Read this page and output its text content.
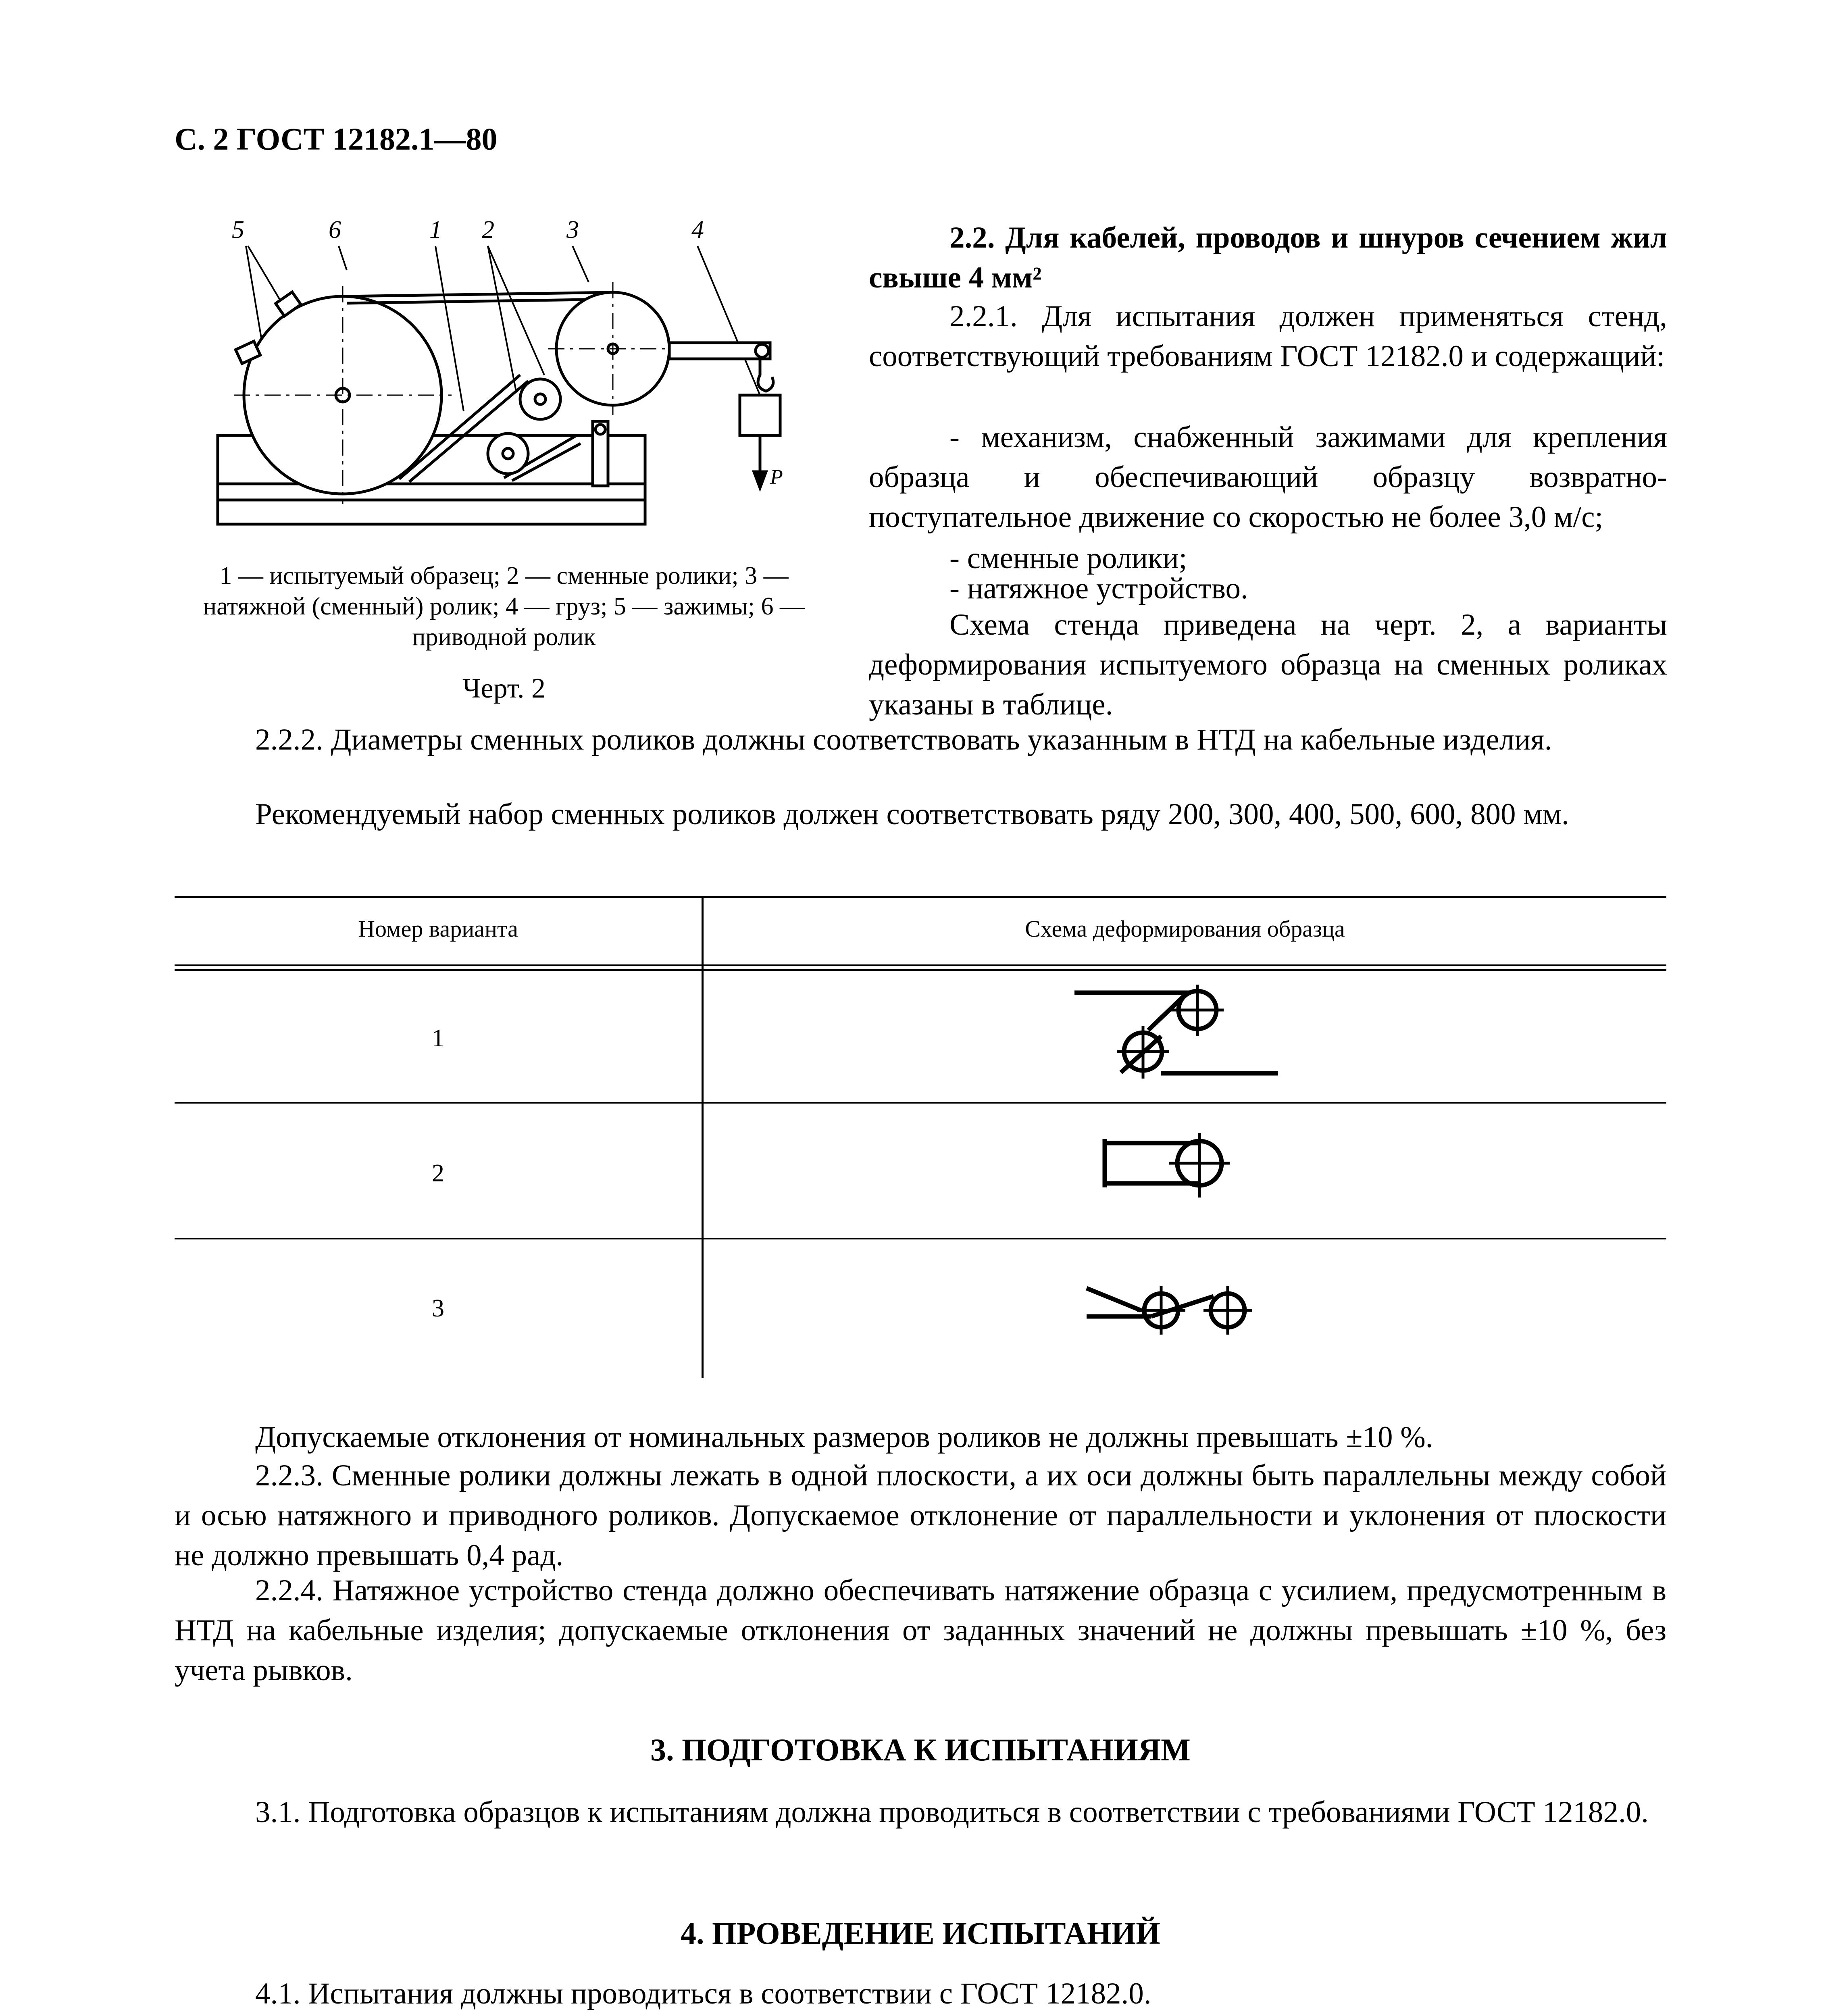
С. 2 ГОСТ 12182.1—80

5	6	1 2	3	4
P

1 — испытуемый образец; 2 — сменные ролики; 3 — натяжной (сменный) ролик; 4 — груз; 5 — зажимы; 6 — приводной ролик

Черт. 2

2.2. Для кабелей, проводов и шнуров сечением жил свыше 4 мм²

2.2.1. Для испытания должен применяться стенд, соответствующий требованиям ГОСТ 12182.0 и содержащий:

- механизм, снабженный зажимами для крепления образца и обеспечивающий образцу возвратно-поступательное движение со скоростью не более 3,0 м/с;

- сменные ролики;

- натяжное устройство.

Схема стенда приведена на черт. 2, а варианты деформирования испытуемого образца на сменных роликах указаны в таблице.

2.2.2. Диаметры сменных роликов должны соответствовать указанным в НТД на кабельные изделия.

Рекомендуемый набор сменных роликов должен соответствовать ряду 200, 300, 400, 500, 600, 800 мм.

Номер варианта	Схема деформирования образца

1

2

3

Допускаемые отклонения от номинальных размеров роликов не должны превышать ±10 %.

2.2.3. Сменные ролики должны лежать в одной плоскости, а их оси должны быть параллельны между собой и осью натяжного и приводного роликов. Допускаемое отклонение от параллельности и уклонения от плоскости не должно превышать 0,4 рад.

2.2.4. Натяжное устройство стенда должно обеспечивать натяжение образца с усилием, предусмотренным в НТД на кабельные изделия; допускаемые отклонения от заданных значений не должны превышать ±10 %, без учета рывков.

3. ПОДГОТОВКА К ИСПЫТАНИЯМ

3.1. Подготовка образцов к испытаниям должна проводиться в соответствии с требованиями ГОСТ 12182.0.

4. ПРОВЕДЕНИЕ ИСПЫТАНИЙ

4.1. Испытания должны проводиться в соответствии с ГОСТ 12182.0.
